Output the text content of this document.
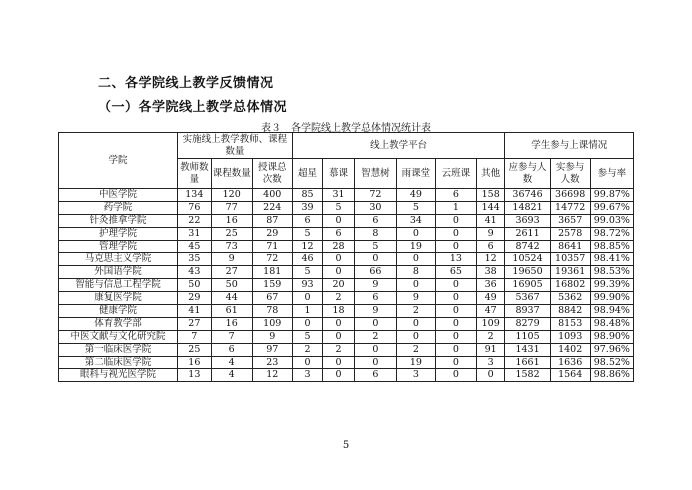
二、各学院线上教学反馈情况
（一）各学院线上教学总体情况
表３　各学院线上教学总体情况统计表
学院	实施线上教学教师、课程数量			线上教学平台						学生参与上课情况		
	教师数量	课程数量	授课总次数	超星	慕课	智慧树	雨课堂	云班课	其他	应参与人数	实参与人数	参与率
中医学院	134	120	400	85	31	72	49	6	158	36746	36698	99.87%
药学院	76	77	224	39	5	30	5	1	144	14821	14772	99.67%
针灸推拿学院	22	16	87	6	0	6	34	0	41	3693	3657	99.03%
护理学院	31	25	29	5	6	8	0	0	9	2611	2578	98.72%
管理学院	45	73	71	12	28	5	19	0	6	8742	8641	98.85%
马克思主义学院	35	9	72	46	0	0	0	13	12	10524	10357	98.41%
外国语学院	43	27	181	5	0	66	8	65	38	19650	19361	98.53%
智能与信息工程学院	50	50	159	93	20	9	0	0	36	16905	16802	99.39%
康复医学院	29	44	67	0	2	6	9	0	49	5367	5362	99.90%
健康学院	41	61	78	1	18	9	2	0	47	8937	8842	98.94%
体育教学部	27	16	109	0	0	0	0	0	109	8279	8153	98.48%
中医文献与文化研究院	7	7	9	5	0	2	0	0	2	1105	1093	98.90%
第一临床医学院	25	6	97	2	2	0	2	0	91	1431	1402	97.96%
第二临床医学院	16	4	23	0	0	0	19	0	3	1661	1636	98.52%
眼科与视光医学院	13	4	12	3	0	6	3	0	0	1582	1564	98.86%
5
